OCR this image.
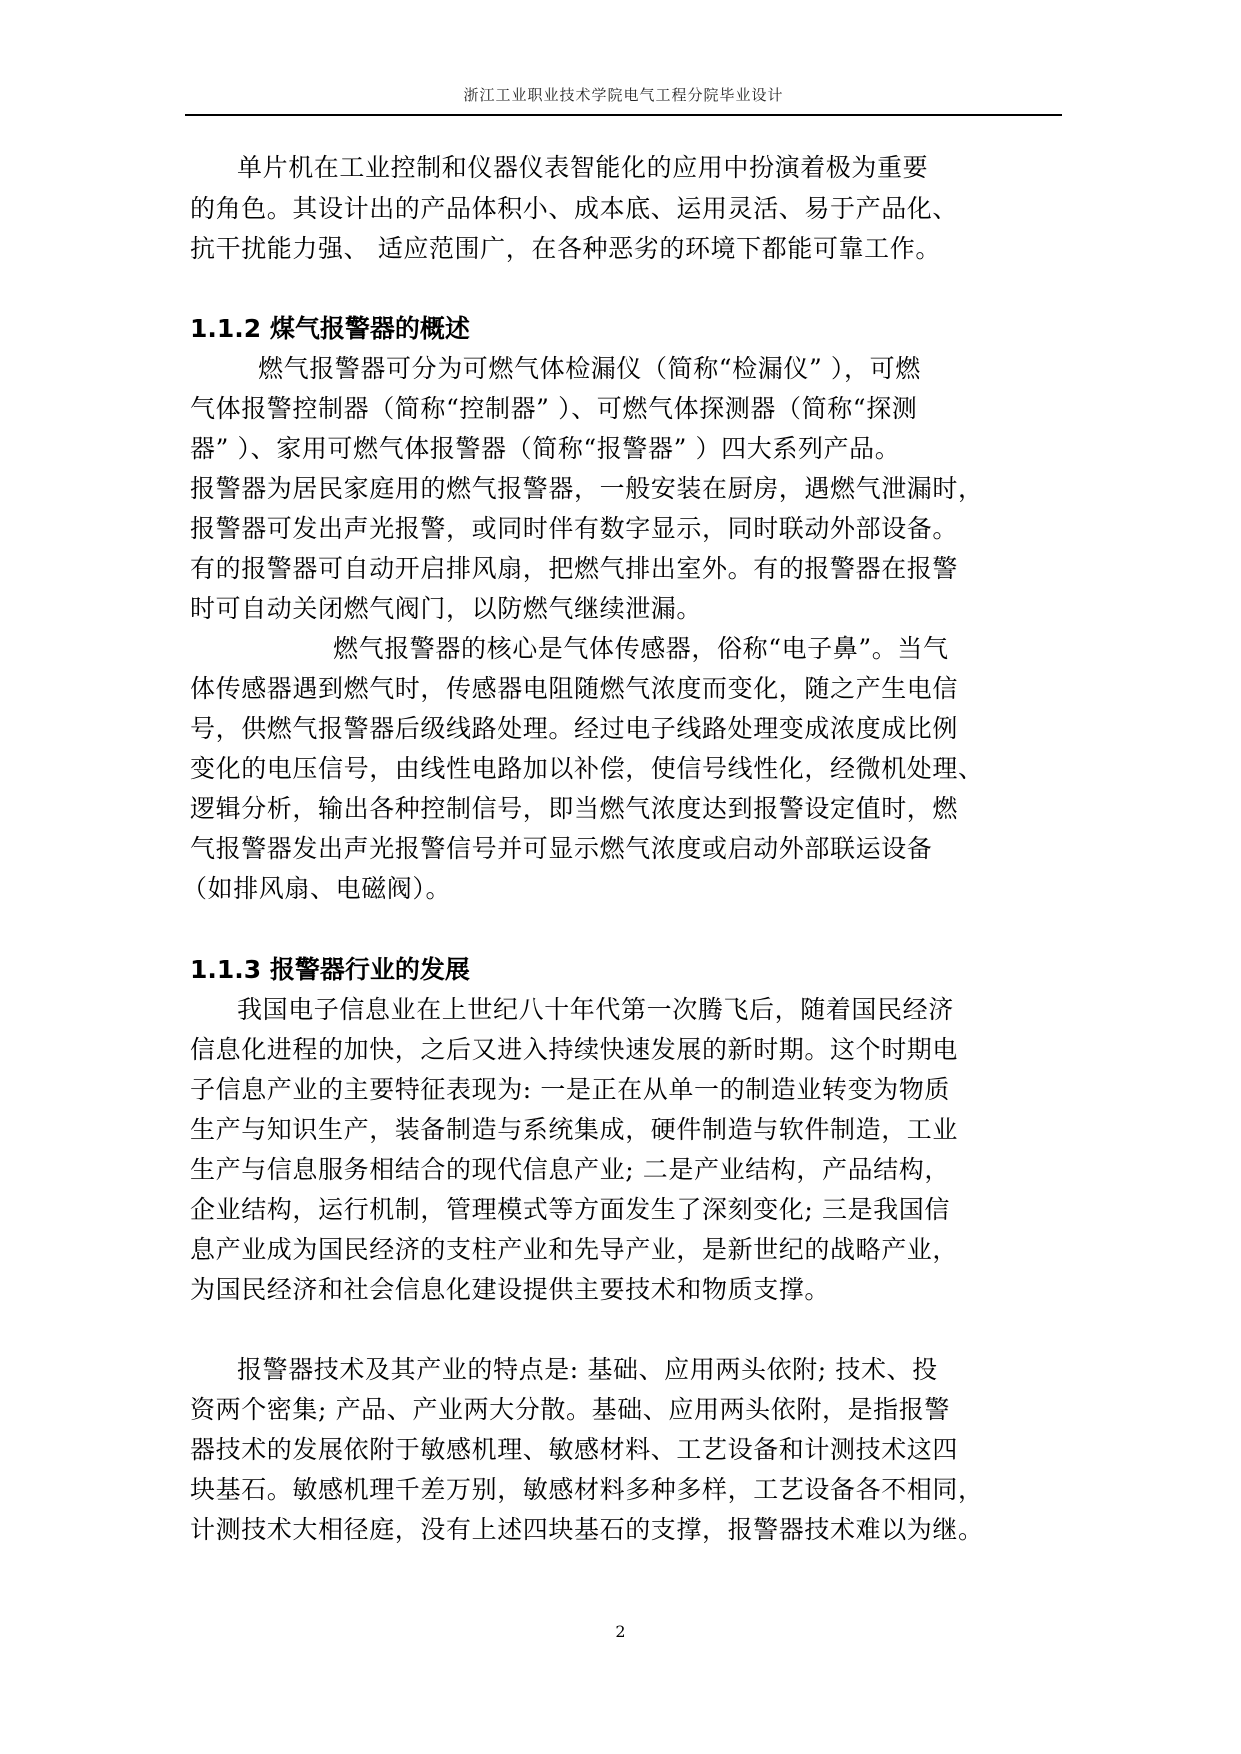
浙江工业职业技术学院电气工程分院毕业设计
单片机在工业控制和仪器仪表智能化的应用中扮演着极为重要
的角色。其设计出的产品体积小、成本底、运用灵活、易于产品化、
抗干扰能力强、 适应范围广，在各种恶劣的环境下都能可靠工作。
1.1.2 煤气报警器的概述
燃气报警器可分为可燃气体检漏仪（简称“检漏仪” ），可燃
气体报警控制器（简称“控制器” ）、可燃气体探测器（简称“探测
器” ）、家用可燃气体报警器（简称“报警器” ）四大系列产品。
报警器为居民家庭用的燃气报警器，一般安装在厨房，遇燃气泄漏时，
报警器可发出声光报警，或同时伴有数字显示，同时联动外部设备。
有的报警器可自动开启排风扇，把燃气排出室外。有的报警器在报警
时可自动关闭燃气阀门，以防燃气继续泄漏。
燃气报警器的核心是气体传感器，俗称“电子鼻”。当气
体传感器遇到燃气时，传感器电阻随燃气浓度而变化，随之产生电信
号，供燃气报警器后级线路处理。经过电子线路处理变成浓度成比例
变化的电压信号，由线性电路加以补偿，使信号线性化，经微机处理、
逻辑分析，输出各种控制信号，即当燃气浓度达到报警设定值时，燃
气报警器发出声光报警信号并可显示燃气浓度或启动外部联运设备
（如排风扇、电磁阀）。
1.1.3 报警器行业的发展
我国电子信息业在上世纪八十年代第一次腾飞后，随着国民经济
信息化进程的加快，之后又进入持续快速发展的新时期。这个时期电
子信息产业的主要特征表现为: 一是正在从单一的制造业转变为物质
生产与知识生产，装备制造与系统集成，硬件制造与软件制造，工业
生产与信息服务相结合的现代信息产业; 二是产业结构，产品结构，
企业结构，运行机制，管理模式等方面发生了深刻变化; 三是我国信
息产业成为国民经济的支柱产业和先导产业，是新世纪的战略产业，
为国民经济和社会信息化建设提供主要技术和物质支撑。
报警器技术及其产业的特点是: 基础、应用两头依附; 技术、投
资两个密集; 产品、产业两大分散。基础、应用两头依附，是指报警
器技术的发展依附于敏感机理、敏感材料、工艺设备和计测技术这四
块基石。敏感机理千差万别，敏感材料多种多样，工艺设备各不相同，
计测技术大相径庭，没有上述四块基石的支撑，报警器技术难以为继。
2
